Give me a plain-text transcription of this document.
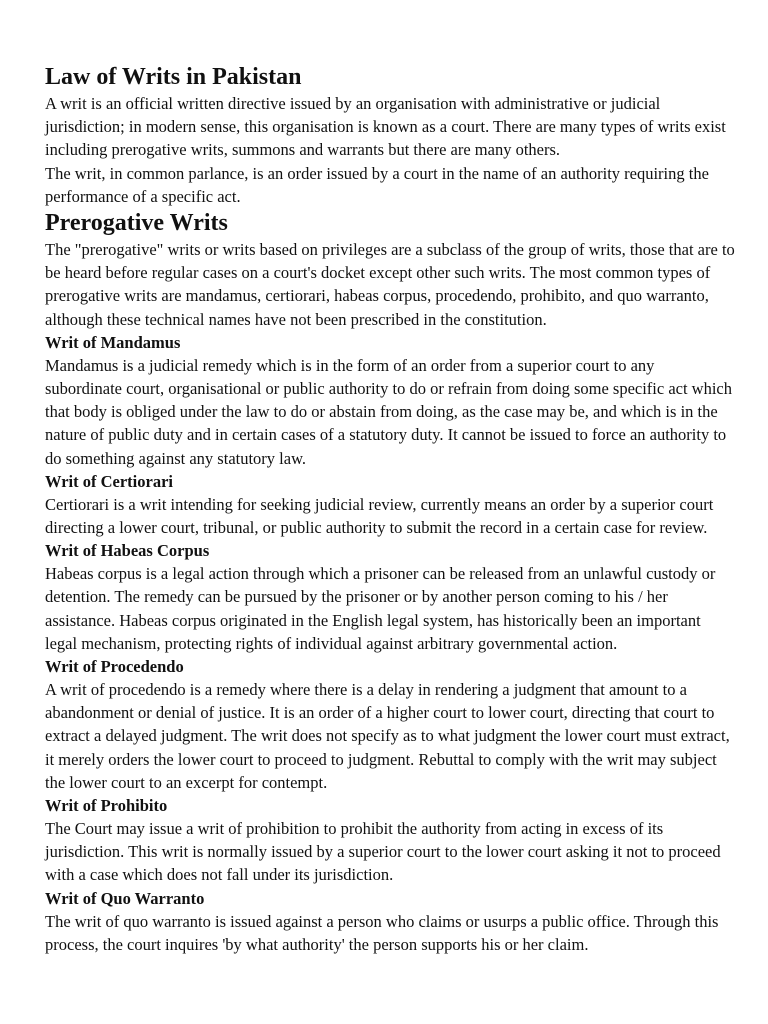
Law of Writs in Pakistan

A writ is an official written directive issued by an organisation with administrative or judicial jurisdiction; in modern sense, this organisation is known as a court. There are many types of writs exist including prerogative writs, summons and warrants but there are many others.

The writ, in common parlance, is an order issued by a court in the name of an authority requiring the performance of a specific act.

Prerogative Writs

The "prerogative" writs or writs based on privileges are a subclass of the group of writs, those that are to be heard before regular cases on a court's docket except other such writs. The most common types of prerogative writs are mandamus, certiorari, habeas corpus, procedendo, prohibito, and quo warranto, although these technical names have not been prescribed in the constitution.

Writ of Mandamus

Mandamus is a judicial remedy which is in the form of an order from a superior court to any subordinate court, organisational or public authority to do or refrain from doing some specific act which that body is obliged under the law to do or abstain from doing, as the case may be, and which is in the nature of public duty and in certain cases of a statutory duty. It cannot be issued to force an authority to do something against any statutory law.

Writ of Certiorari

Certiorari is a writ intending for seeking judicial review, currently means an order by a superior court directing a lower court, tribunal, or public authority to submit the record in a certain case for review.

Writ of Habeas Corpus

Habeas corpus is a legal action through which a prisoner can be released from an unlawful custody or detention. The remedy can be pursued by the prisoner or by another person coming to his / her assistance. Habeas corpus originated in the English legal system, has historically been an important legal mechanism, protecting rights of individual against arbitrary governmental action.

Writ of Procedendo

A writ of procedendo is a remedy where there is a delay in rendering a judgment that amount to a abandonment or denial of justice. It is an order of a higher court to lower court, directing that court to extract a delayed judgment. The writ does not specify as to what judgment the lower court must extract, it merely orders the lower court to proceed to judgment. Rebuttal to comply with the writ may subject the lower court to an excerpt for contempt.

Writ of Prohibito

The Court may issue a writ of prohibition to prohibit the authority from acting in excess of its jurisdiction. This writ is normally issued by a superior court to the lower court asking it not to proceed with a case which does not fall under its jurisdiction.

Writ of Quo Warranto

The writ of quo warranto is issued against a person who claims or usurps a public office. Through this process, the court inquires 'by what authority' the person supports his or her claim.
